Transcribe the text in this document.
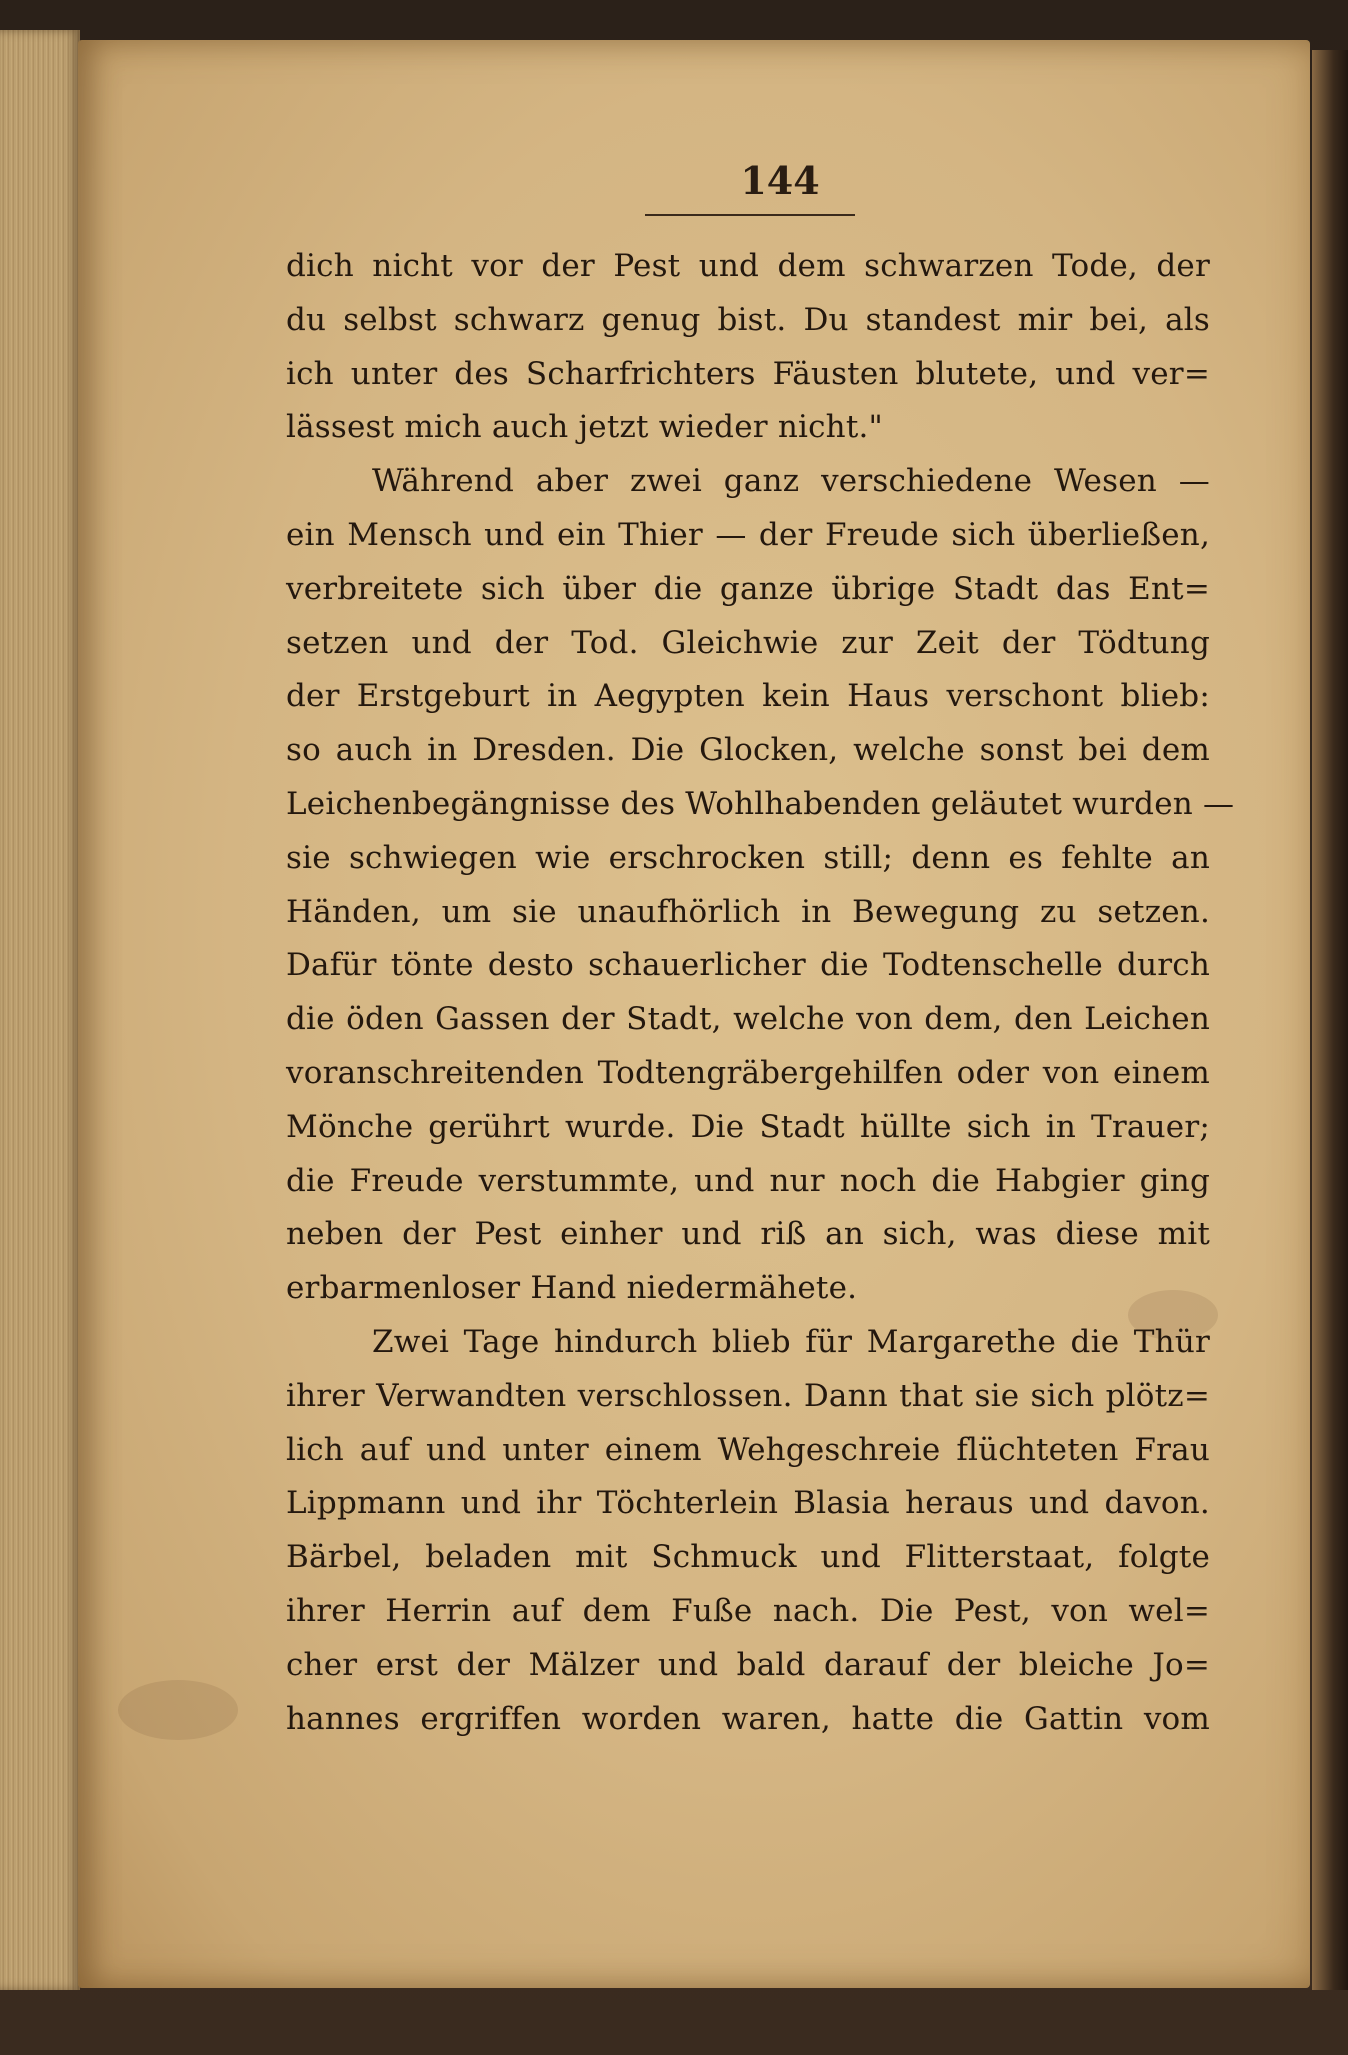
144
dich nicht vor der Pest und dem schwarzen Tode, der
du selbst schwarz genug bist. Du standest mir bei, als
ich unter des Scharfrichters Fäusten blutete, und ver=
lässest mich auch jetzt wieder nicht."
Während aber zwei ganz verschiedene Wesen —
ein Mensch und ein Thier — der Freude sich überließen,
verbreitete sich über die ganze übrige Stadt das Ent=
setzen und der Tod. Gleichwie zur Zeit der Tödtung
der Erstgeburt in Aegypten kein Haus verschont blieb:
so auch in Dresden. Die Glocken, welche sonst bei dem
Leichenbegängnisse des Wohlhabenden geläutet wurden —
sie schwiegen wie erschrocken still; denn es fehlte an
Händen, um sie unaufhörlich in Bewegung zu setzen.
Dafür tönte desto schauerlicher die Todtenschelle durch
die öden Gassen der Stadt, welche von dem, den Leichen
voranschreitenden Todtengräbergehilfen oder von einem
Mönche gerührt wurde. Die Stadt hüllte sich in Trauer;
die Freude verstummte, und nur noch die Habgier ging
neben der Pest einher und riß an sich, was diese mit
erbarmenloser Hand niedermähete.
Zwei Tage hindurch blieb für Margarethe die Thür
ihrer Verwandten verschlossen. Dann that sie sich plötz=
lich auf und unter einem Wehgeschreie flüchteten Frau
Lippmann und ihr Töchterlein Blasia heraus und davon.
Bärbel, beladen mit Schmuck und Flitterstaat, folgte
ihrer Herrin auf dem Fuße nach. Die Pest, von wel=
cher erst der Mälzer und bald darauf der bleiche Jo=
hannes ergriffen worden waren, hatte die Gattin vom
